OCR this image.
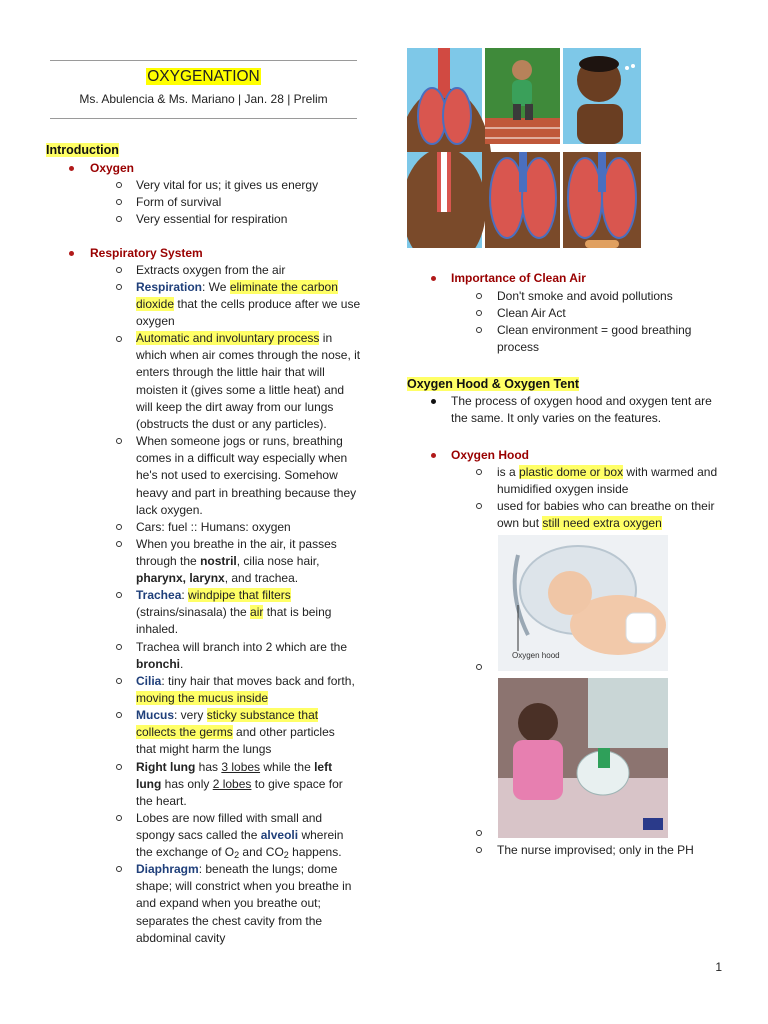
OXYGENATION
Ms. Abulencia & Ms. Mariano | Jan. 28 | Prelim
Introduction
Oxygen
Very vital for us; it gives us energy
Form of survival
Very essential for respiration
Respiratory System
Extracts oxygen from the air
Respiration: We eliminate the carbon dioxide that the cells produce after we use oxygen
Automatic and involuntary process in which when air comes through the nose, it enters through the little hair that will moisten it (gives some a little heat) and will keep the dirt away from our lungs (obstructs the dust or any particles).
When someone jogs or runs, breathing comes in a difficult way especially when he's not used to exercising. Somehow heavy and part in breathing because they lack oxygen.
Cars: fuel :: Humans: oxygen
When you breathe in the air, it passes through the nostril, cilia nose hair, pharynx, larynx, and trachea.
Trachea: windpipe that filters (strains/sinasala) the air that is being inhaled.
Trachea will branch into 2 which are the bronchi.
Cilia: tiny hair that moves back and forth, moving the mucus inside
Mucus: very sticky substance that collects the germs and other particles that might harm the lungs
Right lung has 3 lobes while the left lung has only 2 lobes to give space for the heart.
Lobes are now filled with small and spongy sacs called the alveoli wherein the exchange of $O_2$ and $CO_2$ happens.
Diaphragm: beneath the lungs; dome shape; will constrict when you breathe in and expand when you breathe out; separates the chest cavity from the abdominal cavity
Importance of Clean Air
Don't smoke and avoid pollutions
Clean Air Act
Clean environment = good breathing process
Oxygen Hood & Oxygen Tent
The process of oxygen hood and oxygen tent are the same. It only varies on the features.
Oxygen Hood
is a plastic dome or box with warmed and humidified oxygen inside
used for babies who can breathe on their own but still need extra oxygen
Oxygen hood
The nurse improvised; only in the PH
1
